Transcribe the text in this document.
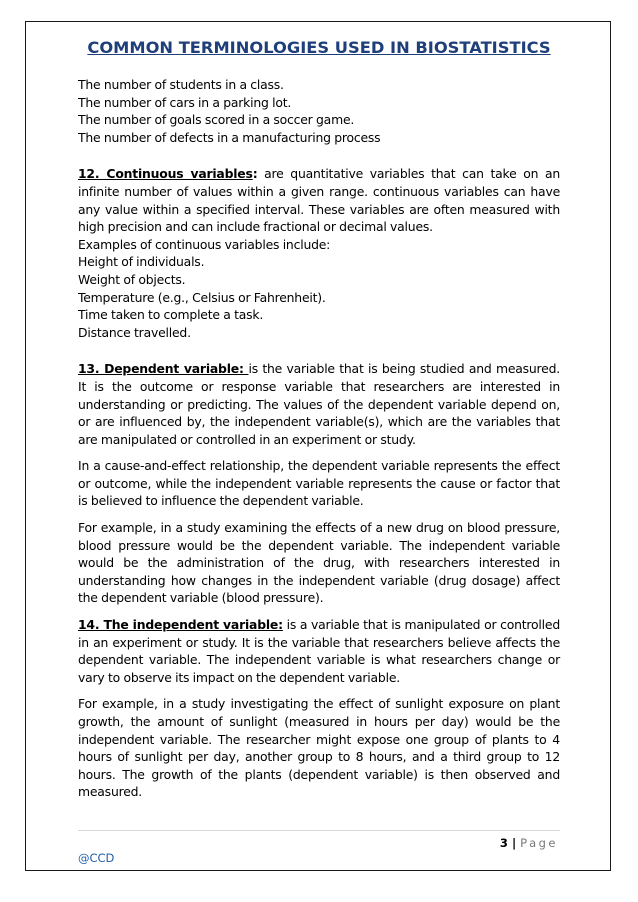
COMMON TERMINOLOGIES USED IN BIOSTATISTICS

The number of students in a class.

The number of cars in a parking lot.

The number of goals scored in a soccer game.

The number of defects in a manufacturing process

12. Continuous variables: are quantitative variables that can take on an infinite number of values within a given range. continuous variables can have any value within a specified interval. These variables are often measured with high precision and can include fractional or decimal values.

Examples of continuous variables include:

Height of individuals.

Weight of objects.

Temperature (e.g., Celsius or Fahrenheit).

Time taken to complete a task.

Distance travelled.

13. Dependent variable: is the variable that is being studied and measured. It is the outcome or response variable that researchers are interested in understanding or predicting. The values of the dependent variable depend on, or are influenced by, the independent variable(s), which are the variables that are manipulated or controlled in an experiment or study.

In a cause-and-effect relationship, the dependent variable represents the effect or outcome, while the independent variable represents the cause or factor that is believed to influence the dependent variable.

For example, in a study examining the effects of a new drug on blood pressure, blood pressure would be the dependent variable. The independent variable would be the administration of the drug, with researchers interested in understanding how changes in the independent variable (drug dosage) affect the dependent variable (blood pressure).

14. The independent variable: is a variable that is manipulated or controlled in an experiment or study. It is the variable that researchers believe affects the dependent variable. The independent variable is what researchers change or vary to observe its impact on the dependent variable.

For example, in a study investigating the effect of sunlight exposure on plant growth, the amount of sunlight (measured in hours per day) would be the independent variable. The researcher might expose one group of plants to 4 hours of sunlight per day, another group to 8 hours, and a third group to 12 hours. The growth of the plants (dependent variable) is then observed and measured.

3 | Page
@CCD
